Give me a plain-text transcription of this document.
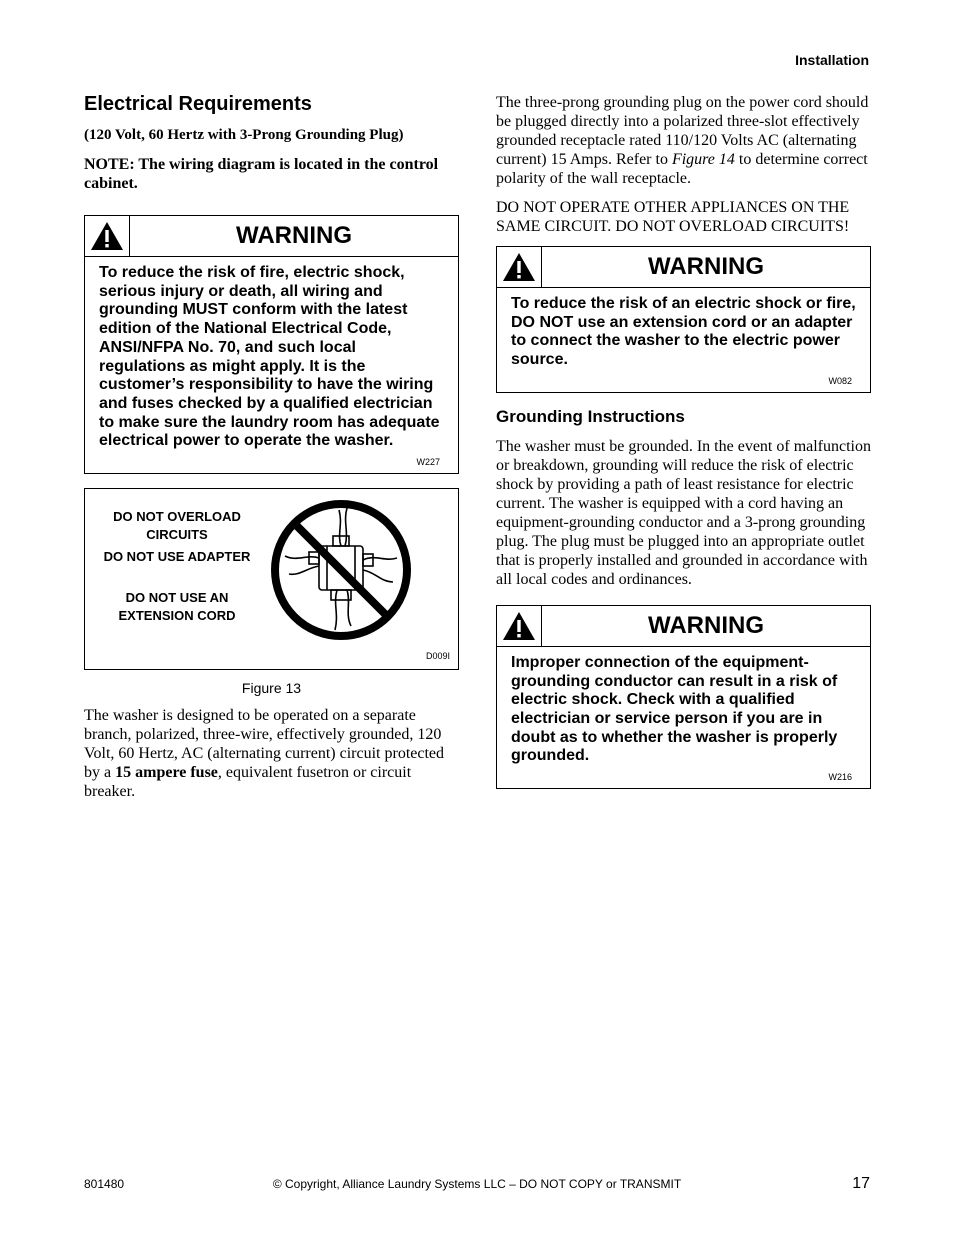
Installation
Electrical Requirements

(120 Volt, 60 Hertz with 3-Prong Grounding Plug)

NOTE: The wiring diagram is located in the control cabinet.

WARNING
To reduce the risk of fire, electric shock, serious injury or death, all wiring and grounding MUST conform with the latest edition of the National Electrical Code, ANSI/NFPA No. 70, and such local regulations as might apply. It is the customer’s responsibility to have the wiring and fuses checked by a qualified electrician to make sure the laundry room has adequate electrical power to operate the washer.
W227
DO NOT OVERLOAD CIRCUITS
DO NOT USE ADAPTER
DO NOT USE AN EXTENSION CORD
D009I
Figure 13

The washer is designed to be operated on a separate branch, polarized, three-wire, effectively grounded, 120 Volt, 60 Hertz, AC (alternating current) circuit protected by a 15 ampere fuse, equivalent fusetron or circuit breaker.

The three-prong grounding plug on the power cord should be plugged directly into a polarized three-slot effectively grounded receptacle rated 110/120 Volts AC (alternating current) 15 Amps. Refer to Figure 14 to determine correct polarity of the wall receptacle.

DO NOT OPERATE OTHER APPLIANCES ON THE SAME CIRCUIT. DO NOT OVERLOAD CIRCUITS!

WARNING
To reduce the risk of an electric shock or fire, DO NOT use an extension cord or an adapter to connect the washer to the electric power source.
W082
Grounding Instructions

The washer must be grounded. In the event of malfunction or breakdown, grounding will reduce the risk of electric shock by providing a path of least resistance for electric current. The washer is equipped with a cord having an equipment-grounding conductor and a 3-prong grounding plug. The plug must be plugged into an appropriate outlet that is properly installed and grounded in accordance with all local codes and ordinances.

WARNING
Improper connection of the equipment-grounding conductor can result in a risk of electric shock. Check with a qualified electrician or service person if you are in doubt as to whether the washer is properly grounded.
W216
801480	© Copyright, Alliance Laundry Systems LLC – DO NOT COPY or TRANSMIT	17
